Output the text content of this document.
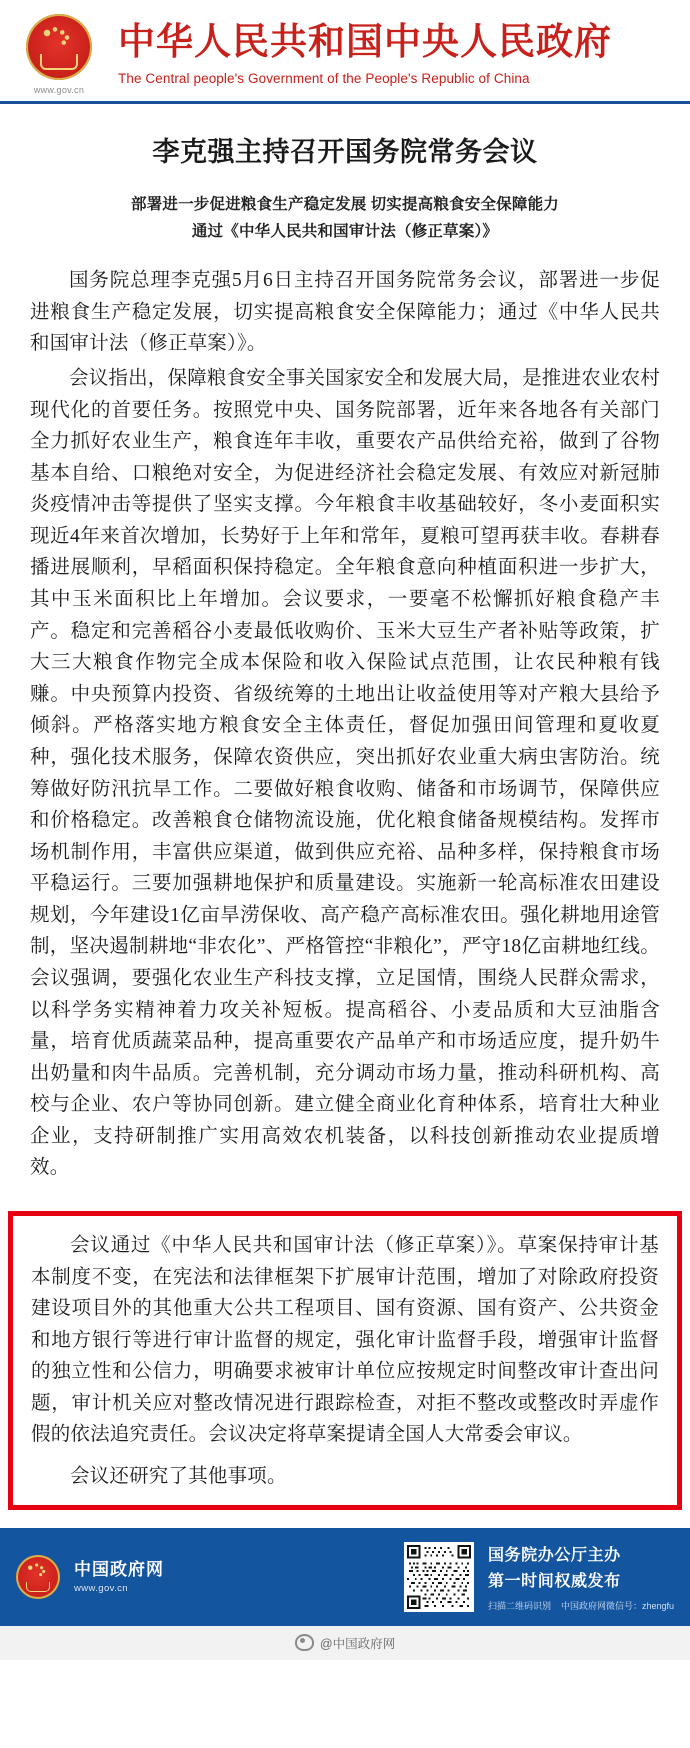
www.gov.cn
中华人民共和国中央人民政府
The Central people's Government of the People's Republic of China
李克强主持召开国务院常务会议
部署进一步促进粮食生产稳定发展 切实提高粮食安全保障能力
通过《中华人民共和国审计法（修正草案）》

国务院总理李克强5月6日主持召开国务院常务会议，部署进一步促进粮食生产稳定发展，切实提高粮食安全保障能力；通过《中华人民共和国审计法（修正草案）》。

会议指出，保障粮食安全事关国家安全和发展大局，是推进农业农村现代化的首要任务。按照党中央、国务院部署，近年来各地各有关部门全力抓好农业生产，粮食连年丰收，重要农产品供给充裕，做到了谷物基本自给、口粮绝对安全，为促进经济社会稳定发展、有效应对新冠肺炎疫情冲击等提供了坚实支撑。今年粮食丰收基础较好，冬小麦面积实现近4年来首次增加，长势好于上年和常年，夏粮可望再获丰收。春耕春播进展顺利，早稻面积保持稳定。全年粮食意向种植面积进一步扩大，其中玉米面积比上年增加。会议要求，一要毫不松懈抓好粮食稳产丰产。稳定和完善稻谷小麦最低收购价、玉米大豆生产者补贴等政策，扩大三大粮食作物完全成本保险和收入保险试点范围，让农民种粮有钱赚。中央预算内投资、省级统筹的土地出让收益使用等对产粮大县给予倾斜。严格落实地方粮食安全主体责任，督促加强田间管理和夏收夏种，强化技术服务，保障农资供应，突出抓好农业重大病虫害防治。统筹做好防汛抗旱工作。二要做好粮食收购、储备和市场调节，保障供应和价格稳定。改善粮食仓储物流设施，优化粮食储备规模结构。发挥市场机制作用，丰富供应渠道，做到供应充裕、品种多样，保持粮食市场平稳运行。三要加强耕地保护和质量建设。实施新一轮高标准农田建设规划，今年建设1亿亩旱涝保收、高产稳产高标准农田。强化耕地用途管制，坚决遏制耕地“非农化”、严格管控“非粮化”，严守18亿亩耕地红线。会议强调，要强化农业生产科技支撑，立足国情，围绕人民群众需求，以科学务实精神着力攻关补短板。提高稻谷、小麦品质和大豆油脂含量，培育优质蔬菜品种，提高重要农产品单产和市场适应度，提升奶牛出奶量和肉牛品质。完善机制，充分调动市场力量，推动科研机构、高校与企业、农户等协同创新。建立健全商业化育种体系，培育壮大种业企业，支持研制推广实用高效农机装备，以科技创新推动农业提质增效。

会议通过《中华人民共和国审计法（修正草案）》。草案保持审计基本制度不变，在宪法和法律框架下扩展审计范围，增加了对除政府投资建设项目外的其他重大公共工程项目、国有资源、国有资产、公共资金和地方银行等进行审计监督的规定，强化审计监督手段，增强审计监督的独立性和公信力，明确要求被审计单位应按规定时间整改审计查出问题，审计机关应对整改情况进行跟踪检查，对拒不整改或整改时弄虚作假的依法追究责任。会议决定将草案提请全国人大常委会审议。

会议还研究了其他事项。

中国政府网
www.gov.cn
国务院办公厅主办
第一时间权威发布
扫描二维码识别 中国政府网微信号：zhengfu
@中国政府网
